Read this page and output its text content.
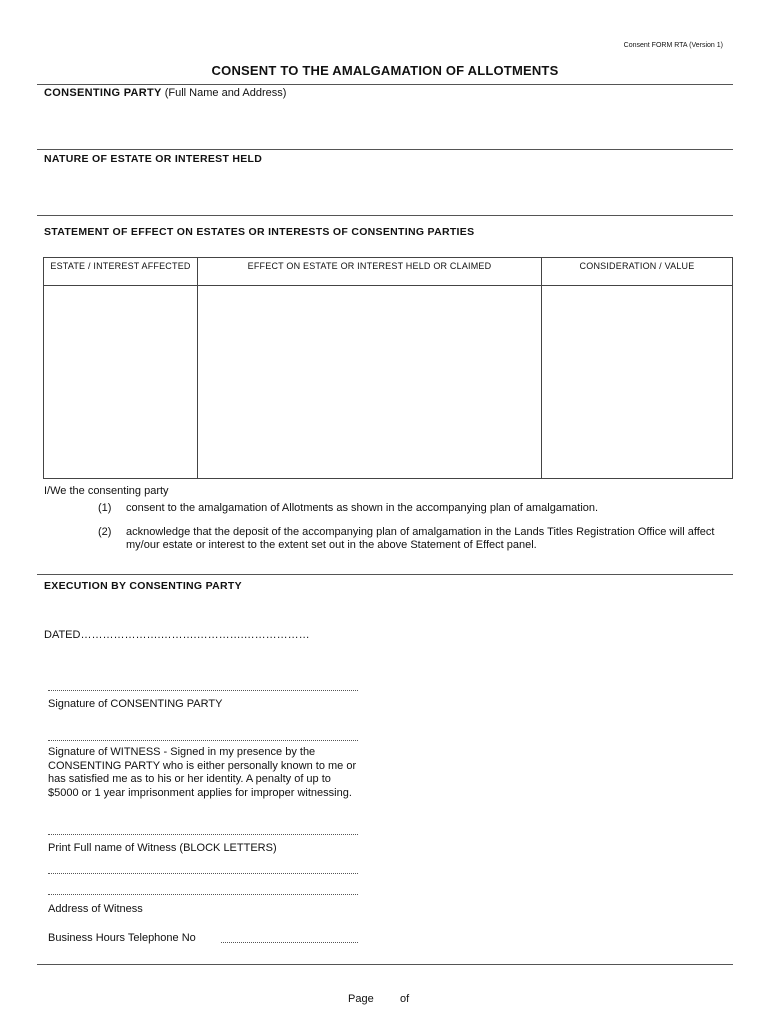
Consent FORM RTA (Version 1)
CONSENT TO THE AMALGAMATION OF ALLOTMENTS
CONSENTING PARTY (Full Name and Address)
NATURE OF ESTATE OR INTEREST HELD
STATEMENT OF EFFECT ON ESTATES OR INTERESTS OF CONSENTING PARTIES
ESTATE / INTEREST AFFECTED	EFFECT ON ESTATE OR INTEREST HELD OR CLAIMED	CONSIDERATION / VALUE

I/We the consenting party
(1) consent to the amalgamation of Allotments as shown in the accompanying plan of amalgamation.
(2) acknowledge that the deposit of the accompanying plan of amalgamation in the Lands Titles Registration Office will affect my/our estate or interest to the extent set out in the above Statement of Effect panel.
EXECUTION BY CONSENTING PARTY
DATED………………….……….………….………………
Signature of CONSENTING PARTY
Signature of WITNESS - Signed in my presence by the CONSENTING PARTY who is either personally known to me or has satisfied me as to his or her identity. A penalty of up to $5000 or 1 year imprisonment applies for improper witnessing.
Print Full name of Witness (BLOCK LETTERS)
Address of Witness
Business Hours Telephone No
Page of
